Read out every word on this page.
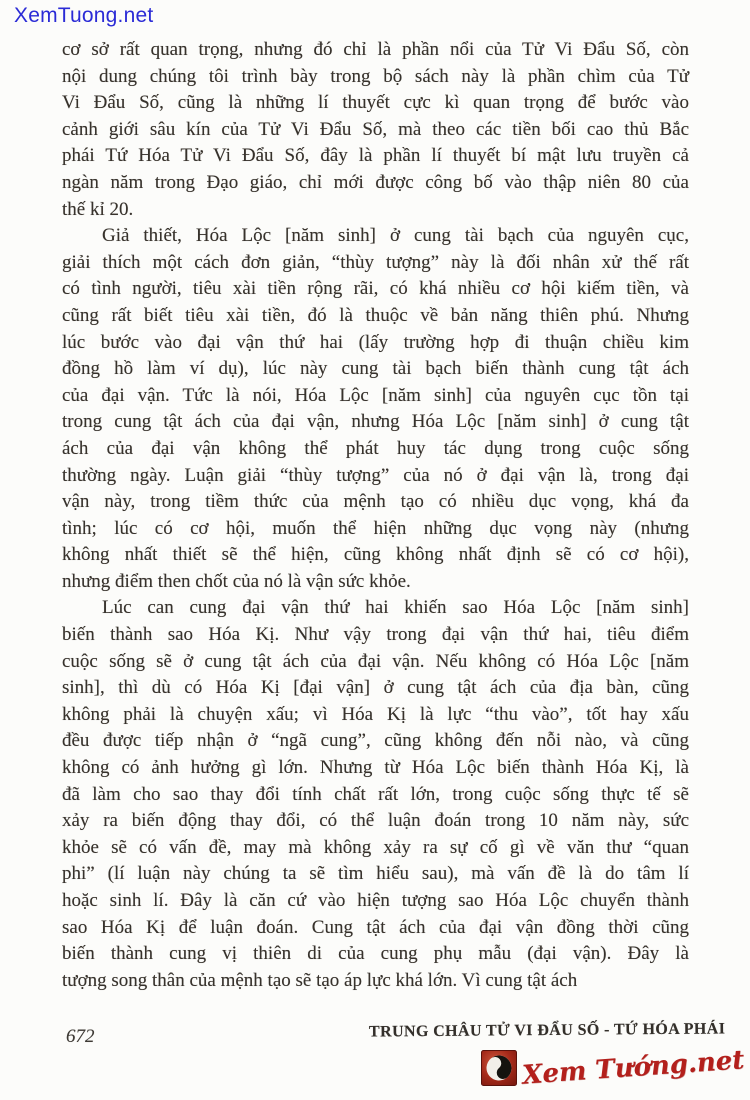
XemTuong.net
cơ sở rất quan trọng, nhưng đó chỉ là phần nổi của Tử Vi Đẩu Số, còn
nội dung chúng tôi trình bày trong bộ sách này là phần chìm của Tử
Vi Đẩu Số, cũng là những lí thuyết cực kì quan trọng để bước vào
cảnh giới sâu kín của Tử Vi Đẩu Số, mà theo các tiền bối cao thủ Bắc
phái Tứ Hóa Tử Vi Đẩu Số, đây là phần lí thuyết bí mật lưu truyền cả
ngàn năm trong Đạo giáo, chỉ mới được công bố vào thập niên 80 của
thế kỉ 20.
Giả thiết, Hóa Lộc [năm sinh] ở cung tài bạch của nguyên cục,
giải thích một cách đơn giản, “thùy tượng” này là đối nhân xử thế rất
có tình người, tiêu xài tiền rộng rãi, có khá nhiều cơ hội kiếm tiền, và
cũng rất biết tiêu xài tiền, đó là thuộc về bản năng thiên phú. Nhưng
lúc bước vào đại vận thứ hai (lấy trường hợp đi thuận chiều kim
đồng hồ làm ví dụ), lúc này cung tài bạch biến thành cung tật ách
của đại vận. Tức là nói, Hóa Lộc [năm sinh] của nguyên cục tồn tại
trong cung tật ách của đại vận, nhưng Hóa Lộc [năm sinh] ở cung tật
ách của đại vận không thể phát huy tác dụng trong cuộc sống
thường ngày. Luận giải “thùy tượng” của nó ở đại vận là, trong đại
vận này, trong tiềm thức của mệnh tạo có nhiều dục vọng, khá đa
tình; lúc có cơ hội, muốn thể hiện những dục vọng này (nhưng
không nhất thiết sẽ thể hiện, cũng không nhất định sẽ có cơ hội),
nhưng điểm then chốt của nó là vận sức khỏe.
Lúc can cung đại vận thứ hai khiến sao Hóa Lộc [năm sinh]
biến thành sao Hóa Kị. Như vậy trong đại vận thứ hai, tiêu điểm
cuộc sống sẽ ở cung tật ách của đại vận. Nếu không có Hóa Lộc [năm
sinh], thì dù có Hóa Kị [đại vận] ở cung tật ách của địa bàn, cũng
không phải là chuyện xấu; vì Hóa Kị là lực “thu vào”, tốt hay xấu
đều được tiếp nhận ở “ngã cung”, cũng không đến nỗi nào, và cũng
không có ảnh hưởng gì lớn. Nhưng từ Hóa Lộc biến thành Hóa Kị, là
đã làm cho sao thay đổi tính chất rất lớn, trong cuộc sống thực tế sẽ
xảy ra biến động thay đổi, có thể luận đoán trong 10 năm này, sức
khỏe sẽ có vấn đề, may mà không xảy ra sự cố gì về văn thư “quan
phi” (lí luận này chúng ta sẽ tìm hiểu sau), mà vấn đề là do tâm lí
hoặc sinh lí. Đây là căn cứ vào hiện tượng sao Hóa Lộc chuyển thành
sao Hóa Kị để luận đoán. Cung tật ách của đại vận đồng thời cũng
biến thành cung vị thiên di của cung phụ mẫu (đại vận). Đây là
tượng song thân của mệnh tạo sẽ tạo áp lực khá lớn. Vì cung tật ách
672	TRUNG CHÂU TỬ VI ĐẨU SỐ - TỨ HÓA PHÁI
Xem Tướng.net
